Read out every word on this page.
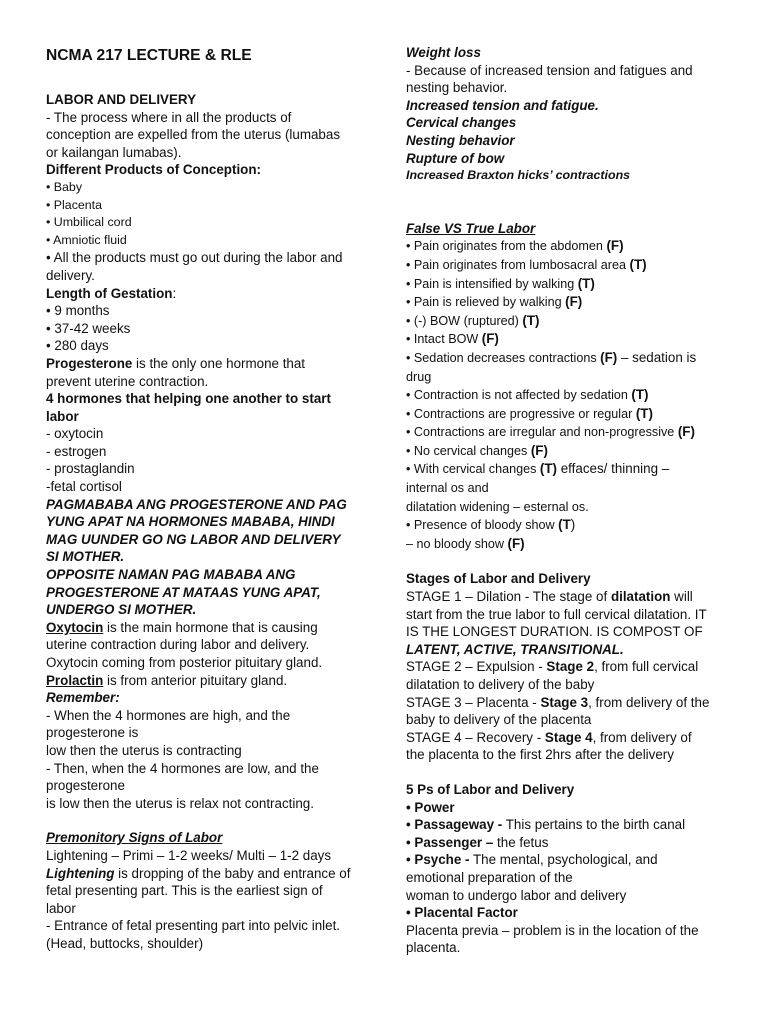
NCMA 217 LECTURE & RLE
LABOR AND DELIVERY
- The process where in all the products of
conception are expelled from the uterus (lumabas
or kailangan lumabas).
Different Products of Conception:
• Baby
• Placenta
• Umbilical cord
• Amniotic fluid
• All the products must go out during the labor and
delivery.
Length of Gestation:
• 9 months
• 37-42 weeks
• 280 days
Progesterone is the only one hormone that
prevent uterine contraction.
4 hormones that helping one another to start
labor
- oxytocin
- estrogen
- prostaglandin
-fetal cortisol
PAGMABABA ANG PROGESTERONE AND PAG
YUNG APAT NA HORMONES MABABA, HINDI
MAG UUNDER GO NG LABOR AND DELIVERY
SI MOTHER.
OPPOSITE NAMAN PAG MABABA ANG
PROGESTERONE AT MATAAS YUNG APAT,
UNDERGO SI MOTHER.
Oxytocin is the main hormone that is causing
uterine contraction during labor and delivery.
Oxytocin coming from posterior pituitary gland.
Prolactin is from anterior pituitary gland.
Remember:
- When the 4 hormones are high, and the
progesterone is
low then the uterus is contracting
- Then, when the 4 hormones are low, and the
progesterone
is low then the uterus is relax not contracting.
Premonitory Signs of Labor
Lightening – Primi – 1-2 weeks/ Multi – 1-2 days
Lightening is dropping of the baby and entrance of
fetal presenting part. This is the earliest sign of
labor
- Entrance of fetal presenting part into pelvic inlet.
(Head, buttocks, shoulder)
Weight loss
- Because of increased tension and fatigues and
nesting behavior.
Increased tension and fatigue.
Cervical changes
Nesting behavior
Rupture of bow
Increased Braxton hicks’ contractions
False VS True Labor
• Pain originates from the abdomen (F)
• Pain originates from lumbosacral area (T)
• Pain is intensified by walking (T)
• Pain is relieved by walking (F)
• (-) BOW (ruptured) (T)
• Intact BOW (F)
• Sedation decreases contractions (F) – sedation is
drug
• Contraction is not affected by sedation (T)
• Contractions are progressive or regular (T)
• Contractions are irregular and non-progressive (F)
• No cervical changes (F)
• With cervical changes (T) effaces/ thinning –
internal os and
dilatation widening – esternal os.
• Presence of bloody show (T)
– no bloody show (F)
Stages of Labor and Delivery
STAGE 1 – Dilation - The stage of dilatation will
start from the true labor to full cervical dilatation. IT
IS THE LONGEST DURATION. IS COMPOST OF
LATENT, ACTIVE, TRANSITIONAL.
STAGE 2 – Expulsion - Stage 2, from full cervical
dilatation to delivery of the baby
STAGE 3 – Placenta - Stage 3, from delivery of the
baby to delivery of the placenta
STAGE 4 – Recovery - Stage 4, from delivery of
the placenta to the first 2hrs after the delivery
5 Ps of Labor and Delivery
• Power
• Passageway - This pertains to the birth canal
• Passenger – the fetus
• Psyche - The mental, psychological, and
emotional preparation of the
woman to undergo labor and delivery
• Placental Factor
Placenta previa – problem is in the location of the
placenta.
